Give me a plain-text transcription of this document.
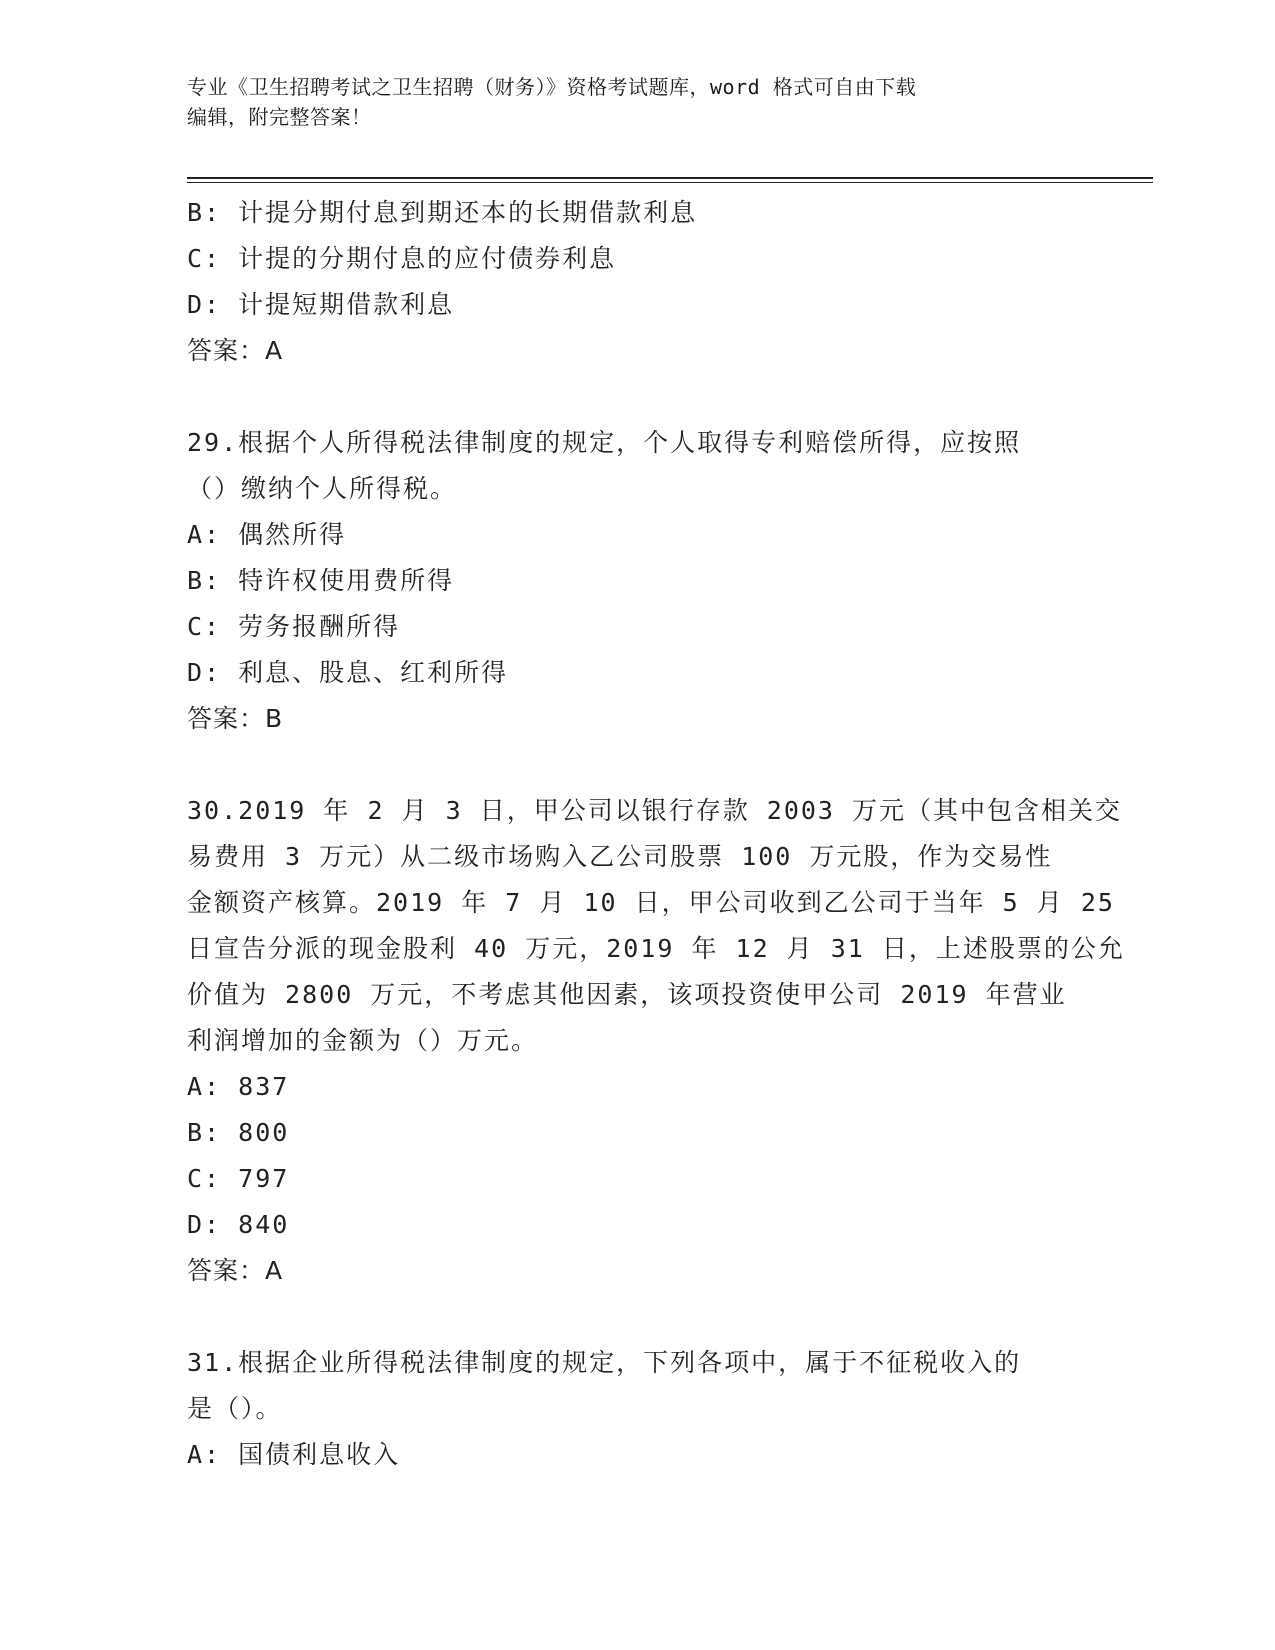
专业《卫生招聘考试之卫生招聘（财务）》资格考试题库，word 格式可自由下载
编辑，附完整答案！
B: 计提分期付息到期还本的长期借款利息
C: 计提的分期付息的应付债券利息
D: 计提短期借款利息
答案：A
29.根据个人所得税法律制度的规定，个人取得专利赔偿所得，应按照
（）缴纳个人所得税。
A: 偶然所得
B: 特许权使用费所得
C: 劳务报酬所得
D: 利息、股息、红利所得
答案：B
30.2019 年 2 月 3 日，甲公司以银行存款 2003 万元（其中包含相关交
易费用 3 万元）从二级市场购入乙公司股票 100 万元股，作为交易性
金额资产核算。2019 年 7 月 10 日，甲公司收到乙公司于当年 5 月 25
日宣告分派的现金股利 40 万元，2019 年 12 月 31 日，上述股票的公允
价值为 2800 万元，不考虑其他因素，该项投资使甲公司 2019 年营业
利润增加的金额为（）万元。
A: 837
B: 800
C: 797
D: 840
答案：A
31.根据企业所得税法律制度的规定，下列各项中，属于不征税收入的
是（）。
A: 国债利息收入
